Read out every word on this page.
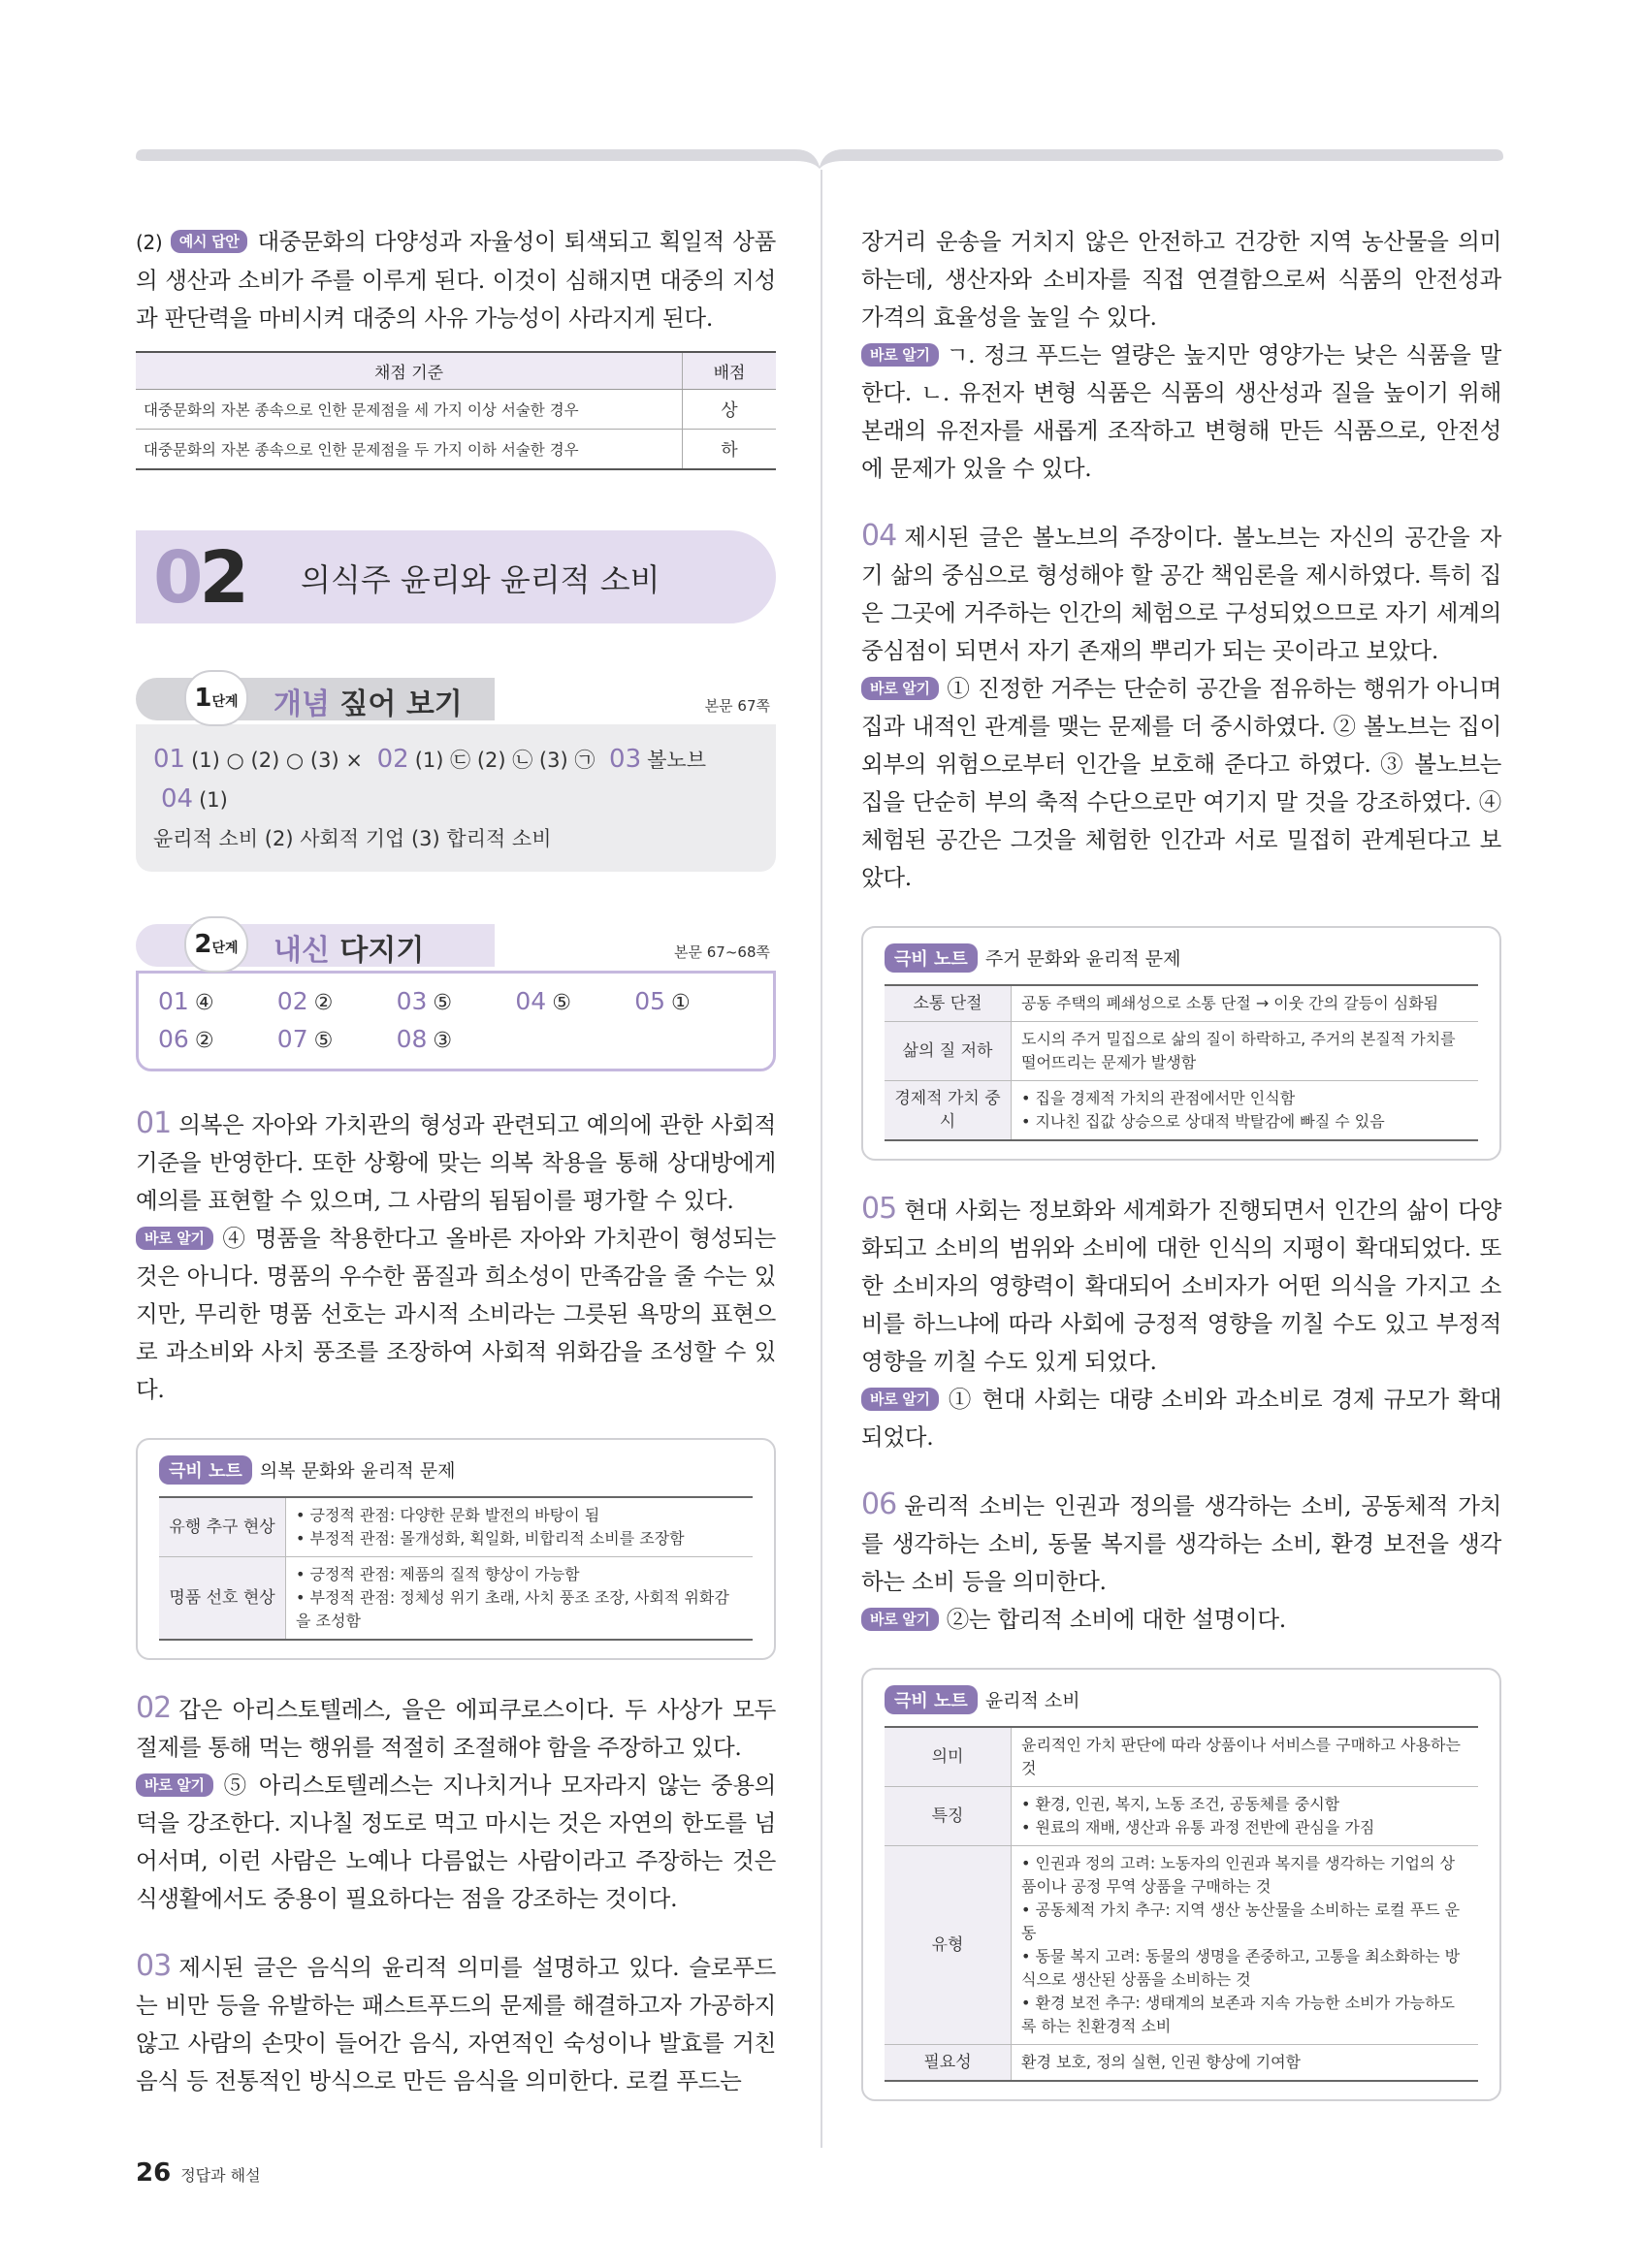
(2) 예시 답안 대중문화의 다양성과 자율성이 퇴색되고 획일적 상품의 생산과 소비가 주를 이루게 된다. 이것이 심해지면 대중의 지성과 판단력을 마비시켜 대중의 사유 가능성이 사라지게 된다.

채점 기준	배점
대중문화의 자본 종속으로 인한 문제점을 세 가지 이상 서술한 경우	상
대중문화의 자본 종속으로 인한 문제점을 두 가지 이하 서술한 경우	하
02 의식주 윤리와 윤리적 소비
1단계	개념 짚어 보기	본문 67쪽
01 (1) ○ (2) ○ (3) × 02 (1) ㉢ (2) ㉡ (3) ㉠ 03 볼노브 04 (1)
윤리적 소비 (2) 사회적 기업 (3) 합리적 소비
2단계	내신 다지기	본문 67~68쪽
01 ④	02 ②	03 ⑤	04 ⑤	05 ①
06 ②	07 ⑤	08 ③

01 의복은 자아와 가치관의 형성과 관련되고 예의에 관한 사회적 기준을 반영한다. 또한 상황에 맞는 의복 착용을 통해 상대방에게 예의를 표현할 수 있으며, 그 사람의 됨됨이를 평가할 수 있다.
바로 알기 ④ 명품을 착용한다고 올바른 자아와 가치관이 형성되는 것은 아니다. 명품의 우수한 품질과 희소성이 만족감을 줄 수는 있지만, 무리한 명품 선호는 과시적 소비라는 그릇된 욕망의 표현으로 과소비와 사치 풍조를 조장하여 사회적 위화감을 조성할 수 있다.

극비 노트 의복 문화와 윤리적 문제
유행 추구 현상	• 긍정적 관점: 다양한 문화 발전의 바탕이 됨
• 부정적 관점: 몰개성화, 획일화, 비합리적 소비를 조장함

명품 선호 현상	• 긍정적 관점: 제품의 질적 향상이 가능함
• 부정적 관점: 정체성 위기 초래, 사치 풍조 조장, 사회적 위화감을 조성함

02 갑은 아리스토텔레스, 을은 에피쿠로스이다. 두 사상가 모두 절제를 통해 먹는 행위를 적절히 조절해야 함을 주장하고 있다.
바로 알기 ⑤ 아리스토텔레스는 지나치거나 모자라지 않는 중용의 덕을 강조한다. 지나칠 정도로 먹고 마시는 것은 자연의 한도를 넘어서며, 이런 사람은 노예나 다름없는 사람이라고 주장하는 것은 식생활에서도 중용이 필요하다는 점을 강조하는 것이다.

03 제시된 글은 음식의 윤리적 의미를 설명하고 있다. 슬로푸드는 비만 등을 유발하는 패스트푸드의 문제를 해결하고자 가공하지 않고 사람의 손맛이 들어간 음식, 자연적인 숙성이나 발효를 거친 음식 등 전통적인 방식으로 만든 음식을 의미한다. 로컬 푸드는

장거리 운송을 거치지 않은 안전하고 건강한 지역 농산물을 의미하는데, 생산자와 소비자를 직접 연결함으로써 식품의 안전성과 가격의 효율성을 높일 수 있다.
바로 알기 ㄱ. 정크 푸드는 열량은 높지만 영양가는 낮은 식품을 말한다. ㄴ. 유전자 변형 식품은 식품의 생산성과 질을 높이기 위해 본래의 유전자를 새롭게 조작하고 변형해 만든 식품으로, 안전성에 문제가 있을 수 있다.

04 제시된 글은 볼노브의 주장이다. 볼노브는 자신의 공간을 자기 삶의 중심으로 형성해야 할 공간 책임론을 제시하였다. 특히 집은 그곳에 거주하는 인간의 체험으로 구성되었으므로 자기 세계의 중심점이 되면서 자기 존재의 뿌리가 되는 곳이라고 보았다.
바로 알기 ① 진정한 거주는 단순히 공간을 점유하는 행위가 아니며 집과 내적인 관계를 맺는 문제를 더 중시하였다. ② 볼노브는 집이 외부의 위험으로부터 인간을 보호해 준다고 하였다. ③ 볼노브는 집을 단순히 부의 축적 수단으로만 여기지 말 것을 강조하였다. ④ 체험된 공간은 그것을 체험한 인간과 서로 밀접히 관계된다고 보았다.

극비 노트 주거 문화와 윤리적 문제
소통 단절	공동 주택의 폐쇄성으로 소통 단절 → 이웃 간의 갈등이 심화됨

삶의 질 저하	도시의 주거 밀집으로 삶의 질이 하락하고, 주거의 본질적 가치를 떨어뜨리는 문제가 발생함

경제적 가치 중시	• 집을 경제적 가치의 관점에서만 인식함
• 지나친 집값 상승으로 상대적 박탈감에 빠질 수 있음

05 현대 사회는 정보화와 세계화가 진행되면서 인간의 삶이 다양화되고 소비의 범위와 소비에 대한 인식의 지평이 확대되었다. 또한 소비자의 영향력이 확대되어 소비자가 어떤 의식을 가지고 소비를 하느냐에 따라 사회에 긍정적 영향을 끼칠 수도 있고 부정적 영향을 끼칠 수도 있게 되었다.
바로 알기 ① 현대 사회는 대량 소비와 과소비로 경제 규모가 확대되었다.

06 윤리적 소비는 인권과 정의를 생각하는 소비, 공동체적 가치를 생각하는 소비, 동물 복지를 생각하는 소비, 환경 보전을 생각하는 소비 등을 의미한다.
바로 알기 ②는 합리적 소비에 대한 설명이다.

극비 노트 윤리적 소비
의미	윤리적인 가치 판단에 따라 상품이나 서비스를 구매하고 사용하는 것

특징	• 환경, 인권, 복지, 노동 조건, 공동체를 중시함
• 원료의 재배, 생산과 유통 과정 전반에 관심을 가짐

유형	• 인권과 정의 고려: 노동자의 인권과 복지를 생각하는 기업의 상품이나 공정 무역 상품을 구매하는 것
• 공동체적 가치 추구: 지역 생산 농산물을 소비하는 로컬 푸드 운동
• 동물 복지 고려: 동물의 생명을 존중하고, 고통을 최소화하는 방식으로 생산된 상품을 소비하는 것
• 환경 보전 추구: 생태계의 보존과 지속 가능한 소비가 가능하도록 하는 친환경적 소비

필요성	환경 보호, 정의 실현, 인권 향상에 기여함
26 정답과 해설
